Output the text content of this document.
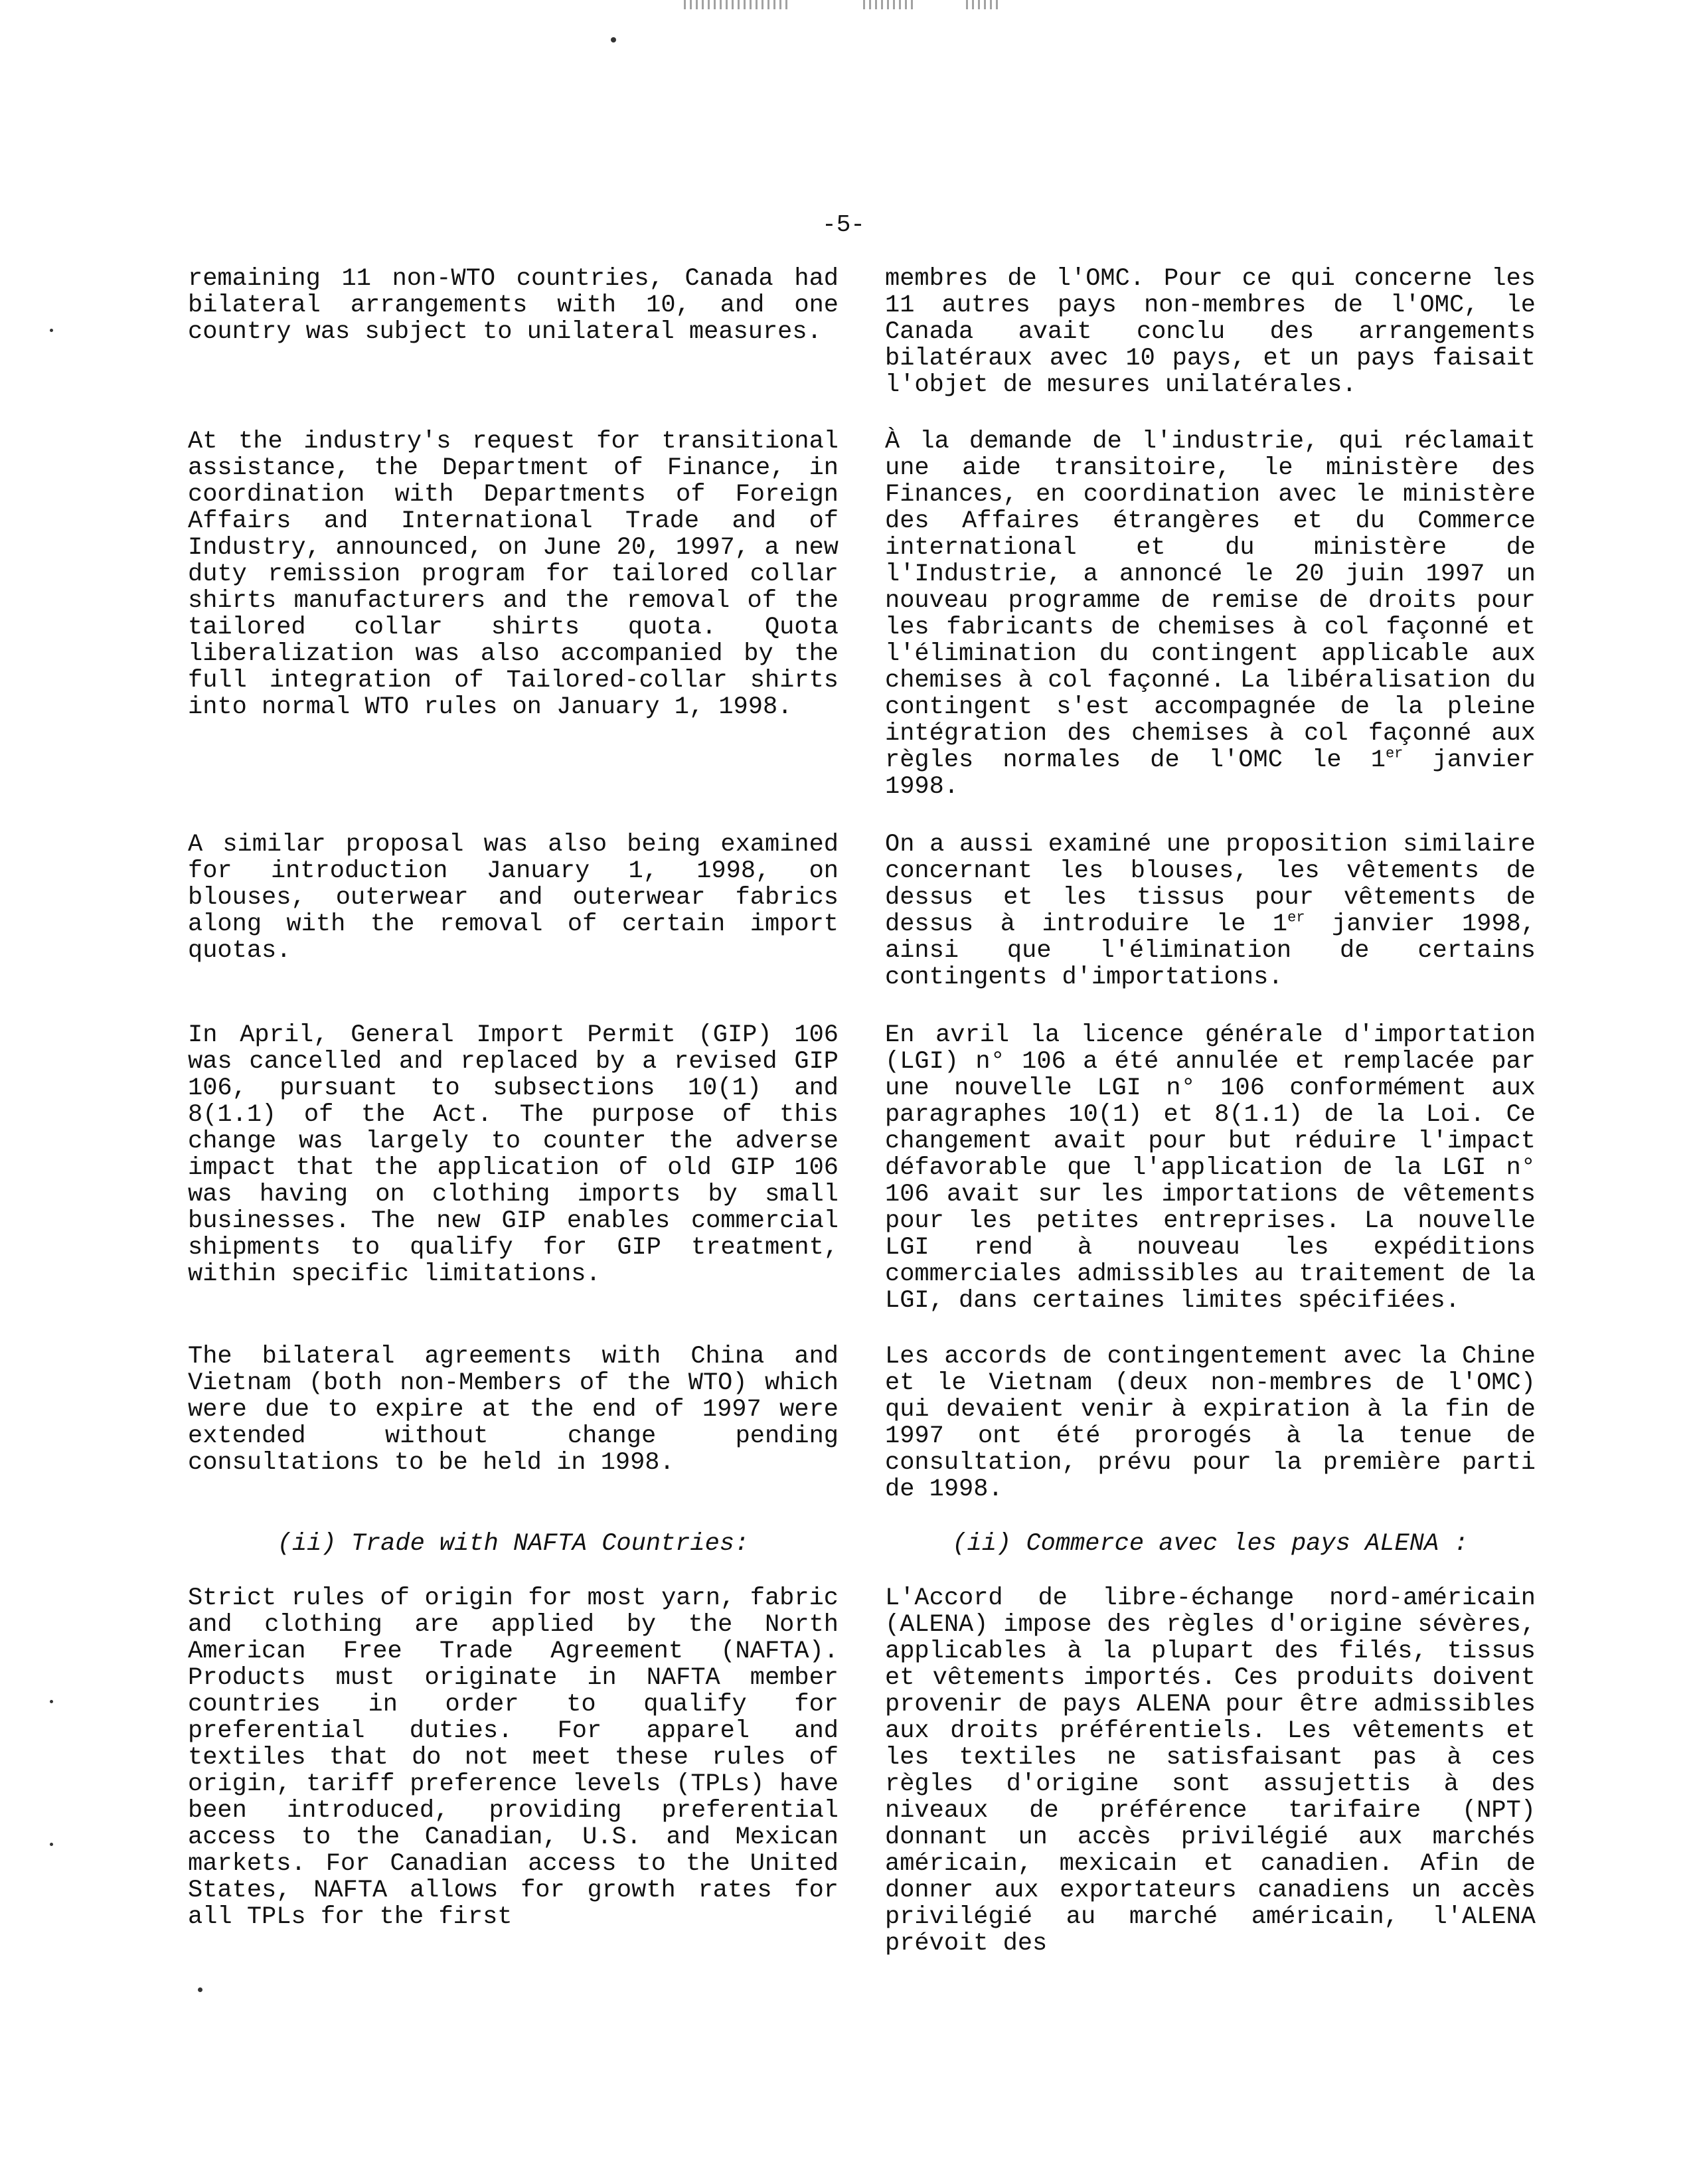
-5-

remaining 11 non-WTO countries, Canada had bilateral arrangements with 10, and one country was subject to unilateral measures.

At the industry's request for transitional assistance, the Department of Finance, in coordination with Departments of Foreign Affairs and International Trade and of Industry, announced, on June 20, 1997, a new duty remission program for tailored collar shirts manufacturers and the removal of the tailored collar shirts quota. Quota liberalization was also accompanied by the full integration of Tailored-collar shirts into normal WTO rules on January 1, 1998.

A similar proposal was also being examined for introduction January 1, 1998, on blouses, outerwear and outerwear fabrics along with the removal of certain import quotas.

In April, General Import Permit (GIP) 106 was cancelled and replaced by a revised GIP 106, pursuant to subsections 10(1) and 8(1.1) of the Act. The purpose of this change was largely to counter the adverse impact that the application of old GIP 106 was having on clothing imports by small businesses. The new GIP enables commercial shipments to qualify for GIP treatment, within specific limitations.

The bilateral agreements with China and Vietnam (both non-Members of the WTO) which were due to expire at the end of 1997 were extended without change pending consultations to be held in 1998.

(ii) Trade with NAFTA Countries:

Strict rules of origin for most yarn, fabric and clothing are applied by the North American Free Trade Agreement (NAFTA). Products must originate in NAFTA member countries in order to qualify for preferential duties. For apparel and textiles that do not meet these rules of origin, tariff preference levels (TPLs) have been introduced, providing preferential access to the Canadian, U.S. and Mexican markets. For Canadian access to the United States, NAFTA allows for growth rates for all TPLs for the first

membres de l'OMC. Pour ce qui concerne les 11 autres pays non-membres de l'OMC, le Canada avait conclu des arrangements bilatéraux avec 10 pays, et un pays faisait l'objet de mesures unilatérales.

À la demande de l'industrie, qui réclamait une aide transitoire, le ministère des Finances, en coordination avec le ministère des Affaires étrangères et du Commerce international et du ministère de l'Industrie, a annoncé le 20 juin 1997 un nouveau programme de remise de droits pour les fabricants de chemises à col façonné et l'élimination du contingent applicable aux chemises à col façonné. La libéralisation du contingent s'est accompagnée de la pleine intégration des chemises à col façonné aux règles normales de l'OMC le 1er janvier 1998.

On a aussi examiné une proposition similaire concernant les blouses, les vêtements de dessus et les tissus pour vêtements de dessus à introduire le 1er janvier 1998, ainsi que l'élimination de certains contingents d'importations.

En avril la licence générale d'importation (LGI) n° 106 a été annulée et remplacée par une nouvelle LGI n° 106 conformément aux paragraphes 10(1) et 8(1.1) de la Loi. Ce changement avait pour but réduire l'impact défavorable que l'application de la LGI n° 106 avait sur les importations de vêtements pour les petites entreprises. La nouvelle LGI rend à nouveau les expéditions commerciales admissibles au traitement de la LGI, dans certaines limites spécifiées.

Les accords de contingentement avec la Chine et le Vietnam (deux non-membres de l'OMC) qui devaient venir à expiration à la fin de 1997 ont été prorogés à la tenue de consultation, prévu pour la première parti de 1998.

(ii) Commerce avec les pays ALENA :

L'Accord de libre-échange nord-américain (ALENA) impose des règles d'origine sévères, applicables à la plupart des filés, tissus et vêtements importés. Ces produits doivent provenir de pays ALENA pour être admissibles aux droits préférentiels. Les vêtements et les textiles ne satisfaisant pas à ces règles d'origine sont assujettis à des niveaux de préférence tarifaire (NPT) donnant un accès privilégié aux marchés américain, mexicain et canadien. Afin de donner aux exportateurs canadiens un accès privilégié au marché américain, l'ALENA prévoit des
